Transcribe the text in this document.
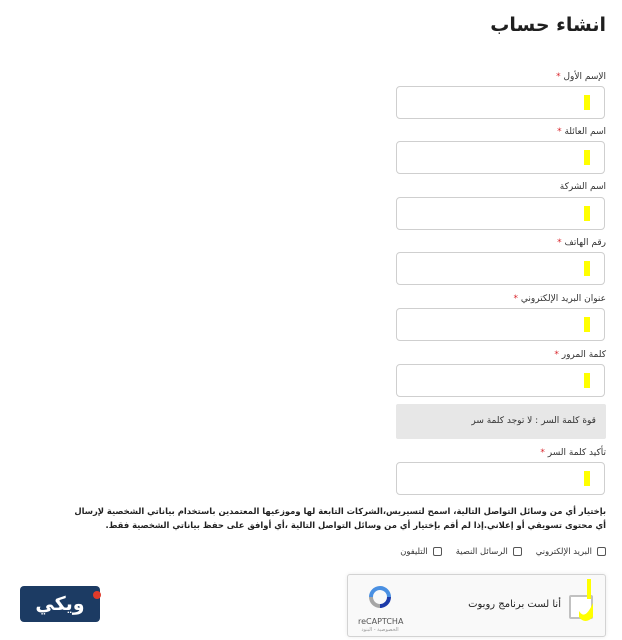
انشاء حساب
الإسم الأول *
اسم العائلة *
اسم الشركة
رقم الهاتف *
عنوان البريد الإلكتروني *
كلمة المرور *
قوة كلمة السر : لا توجد كلمة سر
تأكيد كلمة السر *

بإختيار أي من وسائل التواصل التالية، اسمح لتسيريس،الشركات التابعة لها وموزعيها المعتمدين باستخدام بياناتي الشخصية لإرسال

أي محتوى تسويقي أو إعلاني.إذا لم أقم بإختيار أي من وسائل التواصل التالية ،أي أوافق على حفظ بياناتي الشخصية فقط.

البريد الإلكتروني
الرسائل النصية
التليفون
أنا لست برنامج روبوت
reCAPTCHA
الخصوصية - البنود
ويكي
